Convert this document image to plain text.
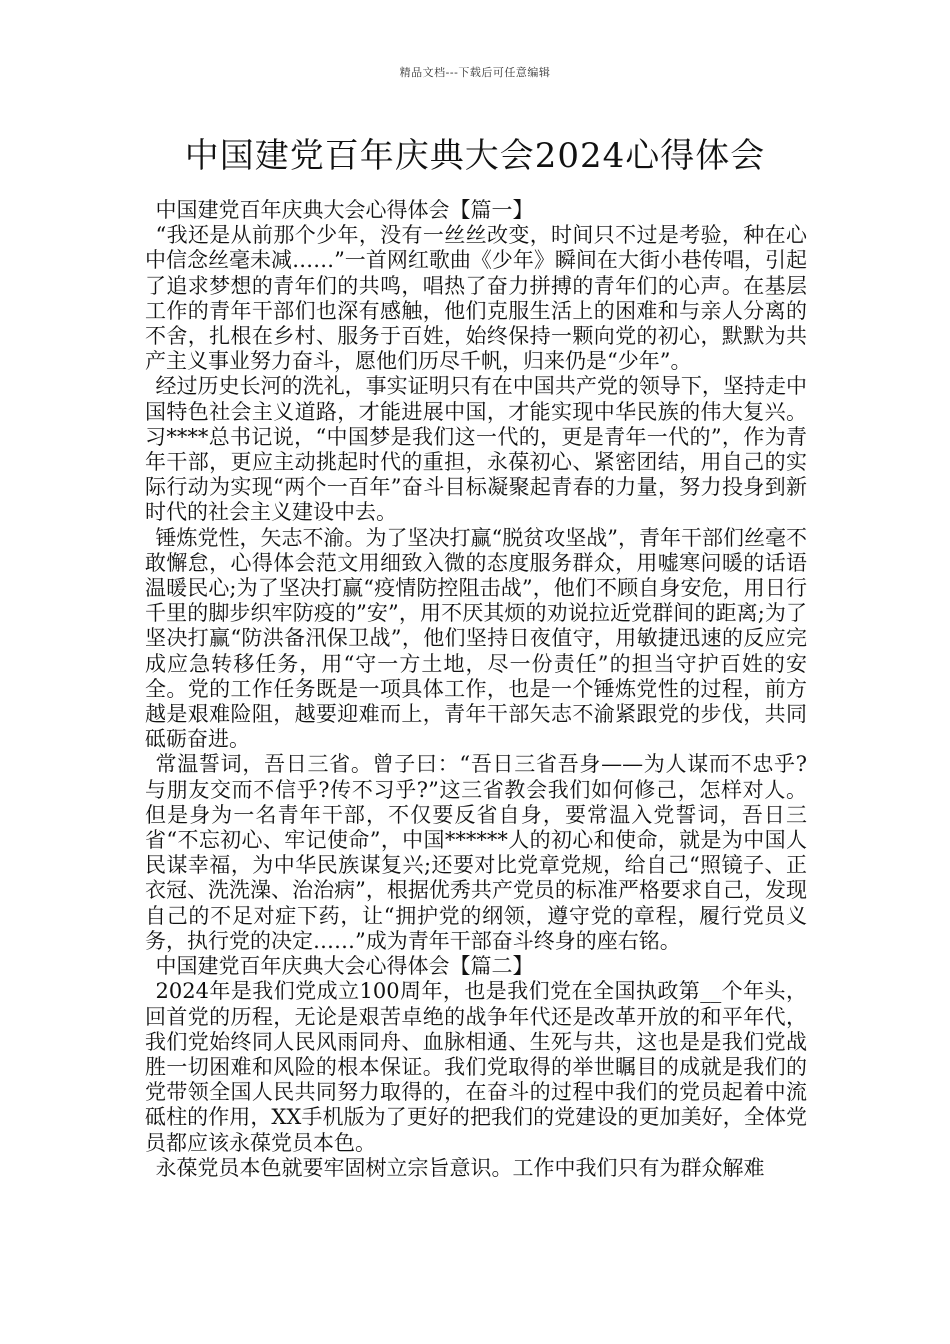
精品文档---下载后可任意编辑
中国建党百年庆典大会2024心得体会

中国建党百年庆典大会心得体会【篇一】

“我还是从前那个少年，没有一丝丝改变，时间只不过是考验，种在心中信念丝毫未减……”一首网红歌曲《少年》瞬间在大街小巷传唱，引起了追求梦想的青年们的共鸣，唱热了奋力拼搏的青年们的心声。在基层工作的青年干部们也深有感触，他们克服生活上的困难和与亲人分离的不舍，扎根在乡村、服务于百姓，始终保持一颗向党的初心，默默为共产主义事业努力奋斗，愿他们历尽千帆，归来仍是“少年”。

经过历史长河的洗礼，事实证明只有在中国共产党的领导下，坚持走中国特色社会主义道路，才能进展中国，才能实现中华民族的伟大复兴。习****总书记说，“中国梦是我们这一代的，更是青年一代的”，作为青年干部，更应主动挑起时代的重担，永葆初心、紧密团结，用自己的实际行动为实现“两个一百年”奋斗目标凝聚起青春的力量，努力投身到新时代的社会主义建设中去。

锤炼党性，矢志不渝。为了坚决打赢“脱贫攻坚战”，青年干部们丝毫不敢懈怠，心得体会范文用细致入微的态度服务群众，用嘘寒问暖的话语温暖民心;为了坚决打赢“疫情防控阻击战”，他们不顾自身安危，用日行千里的脚步织牢防疫的”安”，用不厌其烦的劝说拉近党群间的距离;为了坚决打赢“防洪备汛保卫战”，他们坚持日夜值守，用敏捷迅速的反应完成应急转移任务，用“守一方土地，尽一份责任”的担当守护百姓的安全。党的工作任务既是一项具体工作，也是一个锤炼党性的过程，前方越是艰难险阻，越要迎难而上，青年干部矢志不渝紧跟党的步伐，共同砥砺奋进。

常温誓词，吾日三省。曾子曰：“吾日三省吾身——为人谋而不忠乎?与朋友交而不信乎?传不习乎?”这三省教会我们如何修己，怎样对人。但是身为一名青年干部，不仅要反省自身，要常温入党誓词，吾日三省“不忘初心、牢记使命”，中国******人的初心和使命，就是为中国人民谋幸福，为中华民族谋复兴;还要对比党章党规，给自己“照镜子、正衣冠、洗洗澡、治治病”，根据优秀共产党员的标准严格要求自己，发现自己的不足对症下药，让“拥护党的纲领，遵守党的章程，履行党员义务，执行党的决定……”成为青年干部奋斗终身的座右铭。

中国建党百年庆典大会心得体会【篇二】

2024年是我们党成立100周年，也是我们党在全国执政第__个年头，回首党的历程，无论是艰苦卓绝的战争年代还是改革开放的和平年代，我们党始终同人民风雨同舟、血脉相通、生死与共，这也是是我们党战胜一切困难和风险的根本保证。我们党取得的举世瞩目的成就是我们的党带领全国人民共同努力取得的，在奋斗的过程中我们的党员起着中流砥柱的作用，XX手机版为了更好的把我们的党建设的更加美好，全体党员都应该永葆党员本色。

永葆党员本色就要牢固树立宗旨意识。工作中我们只有为群众解难
